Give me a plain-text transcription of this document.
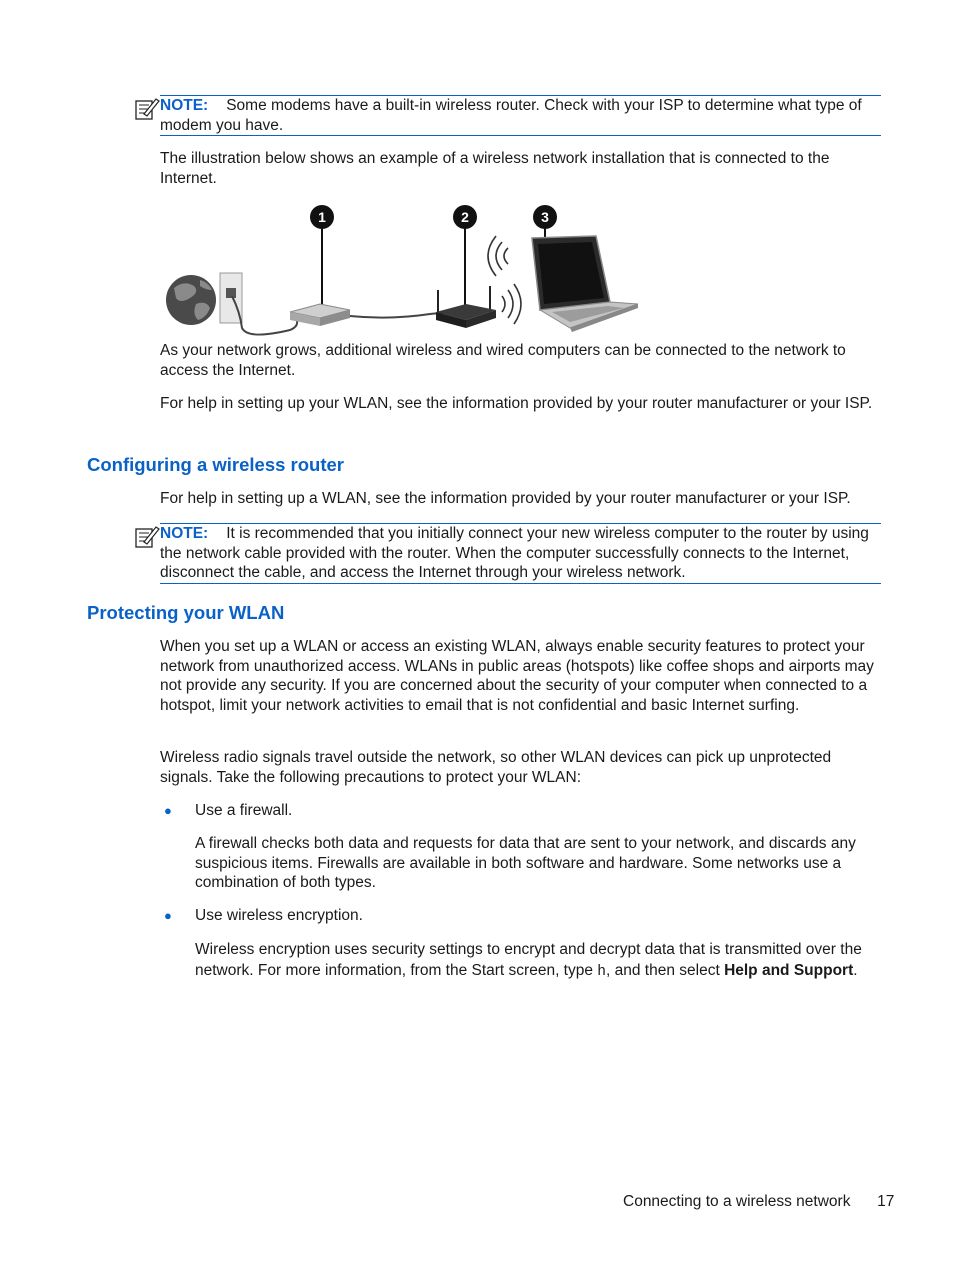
NOTE: Some modems have a built-in wireless router. Check with your ISP to determine what type of modem you have.

The illustration below shows an example of a wireless network installation that is connected to the Internet.

1	2	3

As your network grows, additional wireless and wired computers can be connected to the network to access the Internet.

For help in setting up your WLAN, see the information provided by your router manufacturer or your ISP.

Configuring a wireless router

For help in setting up a WLAN, see the information provided by your router manufacturer or your ISP.

NOTE: It is recommended that you initially connect your new wireless computer to the router by using the network cable provided with the router. When the computer successfully connects to the Internet, disconnect the cable, and access the Internet through your wireless network.
Protecting your WLAN

When you set up a WLAN or access an existing WLAN, always enable security features to protect your network from unauthorized access. WLANs in public areas (hotspots) like coffee shops and airports may not provide any security. If you are concerned about the security of your computer when connected to a hotspot, limit your network activities to email that is not confidential and basic Internet surfing.

Wireless radio signals travel outside the network, so other WLAN devices can pick up unprotected signals. Take the following precautions to protect your WLAN:

● Use a firewall.

A firewall checks both data and requests for data that are sent to your network, and discards any suspicious items. Firewalls are available in both software and hardware. Some networks use a combination of both types.

● Use wireless encryption.

Wireless encryption uses security settings to encrypt and decrypt data that is transmitted over the network. For more information, from the Start screen, type h, and then select Help and Support.

Connecting to a wireless network 17
